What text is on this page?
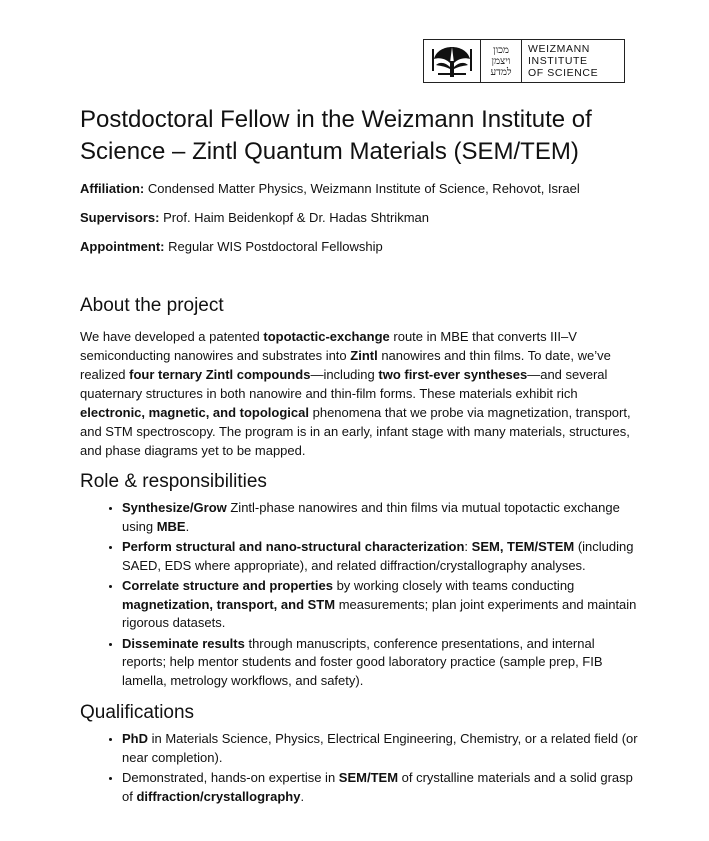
מכון
ויצמן
למדע
WEIZMANN
INSTITUTE
OF SCIENCE
Postdoctoral Fellow in the Weizmann Institute of
Science – Zintl Quantum Materials (SEM/TEM)

Affiliation: Condensed Matter Physics, Weizmann Institute of Science, Rehovot, Israel

Supervisors: Prof. Haim Beidenkopf & Dr. Hadas Shtrikman

Appointment: Regular WIS Postdoctoral Fellowship

About the project

We have developed a patented topotactic-exchange route in MBE that converts III–V semiconducting nanowires and substrates into Zintl nanowires and thin films. To date, we’ve realized four ternary Zintl compounds—including two first-ever syntheses—and several quaternary structures in both nanowire and thin-film forms. These materials exhibit rich electronic, magnetic, and topological phenomena that we probe via magnetization, transport, and STM spectroscopy. The program is in an early, infant stage with many materials, structures, and phase diagrams yet to be mapped.

Role & responsibilities
• Synthesize/Grow Zintl-phase nanowires and thin films via mutual topotactic exchange using MBE.
• Perform structural and nano-structural characterization: SEM, TEM/STEM (including SAED, EDS where appropriate), and related diffraction/crystallography analyses.
• Correlate structure and properties by working closely with teams conducting magnetization, transport, and STM measurements; plan joint experiments and maintain rigorous datasets.
• Disseminate results through manuscripts, conference presentations, and internal reports; help mentor students and foster good laboratory practice (sample prep, FIB lamella, metrology workflows, and safety).
Qualifications
• PhD in Materials Science, Physics, Electrical Engineering, Chemistry, or a related field (or near completion).
• Demonstrated, hands-on expertise in SEM/TEM of crystalline materials and a solid grasp of diffraction/crystallography.
